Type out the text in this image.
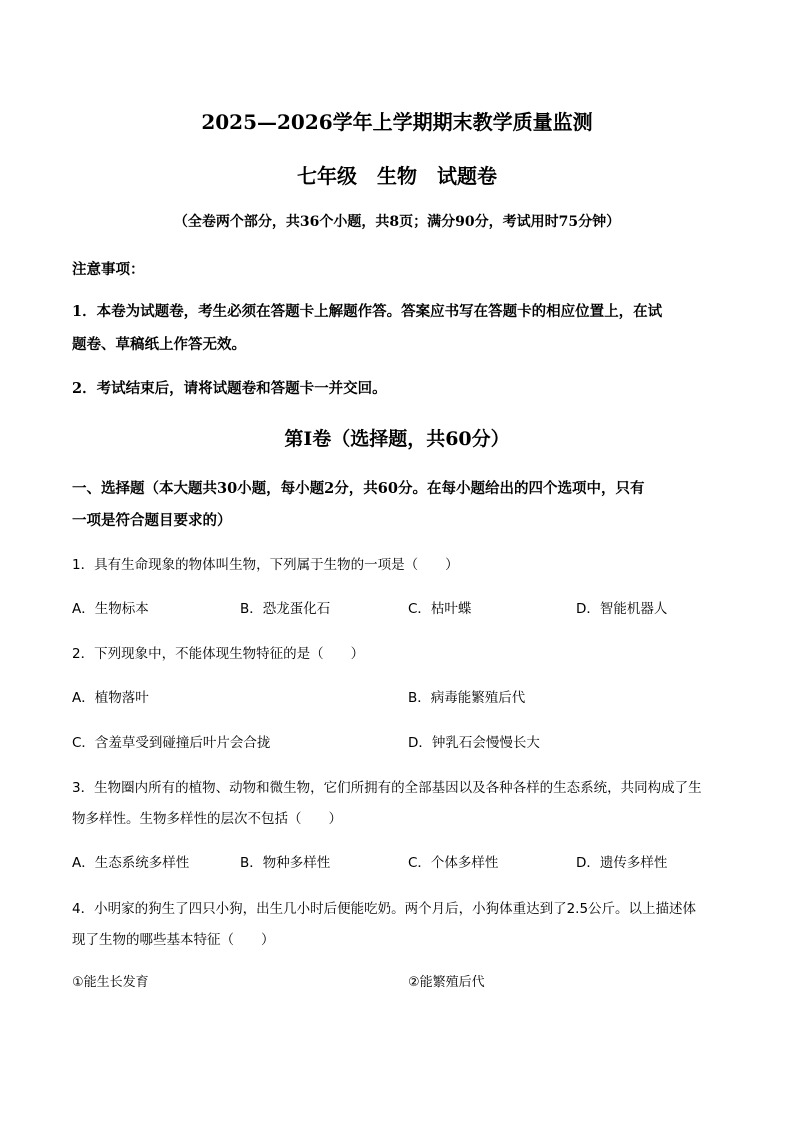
2025—2026学年上学期期末教学质量监测
七年级　生物　试题卷
（全卷两个部分，共36个小题，共8页；满分90分，考试用时75分钟）
注意事项：
1．本卷为试题卷，考生必须在答题卡上解题作答。答案应书写在答题卡的相应位置上，在试
题卷、草稿纸上作答无效。
2．考试结束后，请将试题卷和答题卡一并交回。
第Ⅰ卷（选择题，共60分）
一、选择题（本大题共30小题，每小题2分，共60分。在每小题给出的四个选项中，只有
一项是符合题目要求的）
1．具有生命现象的物体叫生物，下列属于生物的一项是（　　）
A．生物标本	B．恐龙蛋化石	C．枯叶蝶	D．智能机器人
2．下列现象中，不能体现生物特征的是（　　）
A．植物落叶	B．病毒能繁殖后代
C．含羞草受到碰撞后叶片会合拢	D．钟乳石会慢慢长大
3．生物圈内所有的植物、动物和微生物，它们所拥有的全部基因以及各种各样的生态系统，共同构成了生
物多样性。生物多样性的层次不包括（　　）
A．生态系统多样性	B．物种多样性	C．个体多样性	D．遗传多样性
4．小明家的狗生了四只小狗，出生几小时后便能吃奶。两个月后，小狗体重达到了2.5公斤。以上描述体
现了生物的哪些基本特征（　　）
①能生长发育	②能繁殖后代
